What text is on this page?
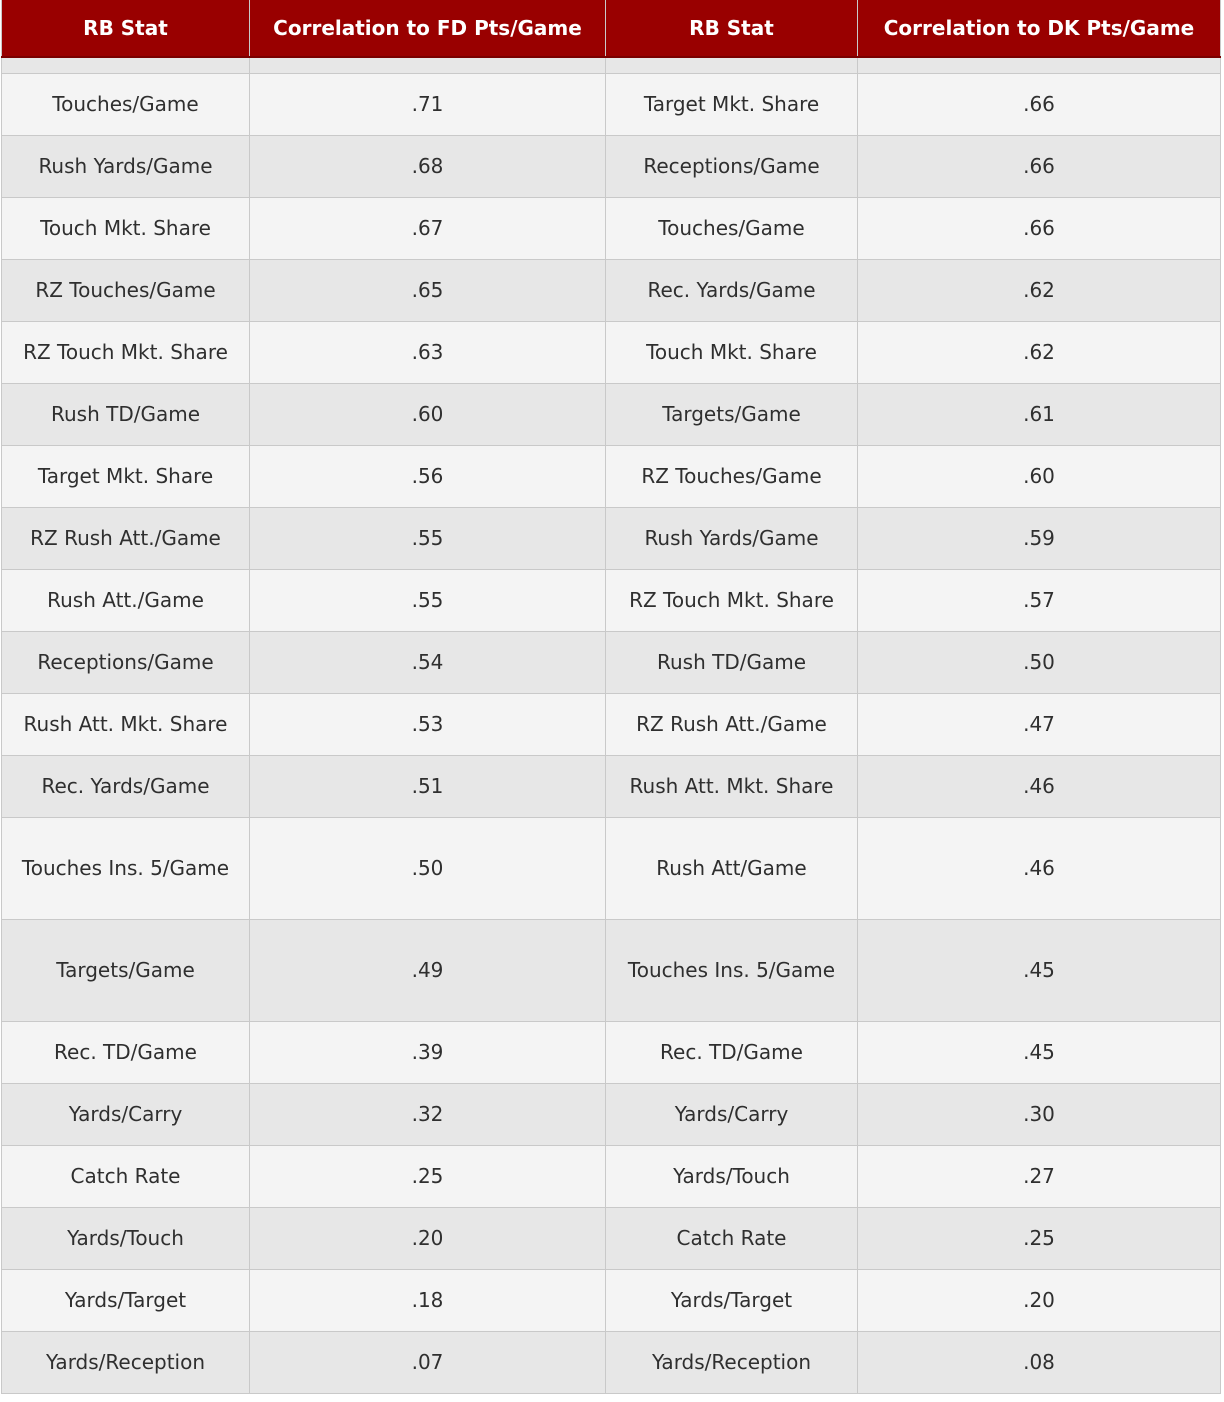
RB Stat	Correlation to FD Pts/Game	RB Stat	Correlation to DK Pts/Game

Touches/Game	.71	Target Mkt. Share	.66
Rush Yards/Game	.68	Receptions/Game	.66
Touch Mkt. Share	.67	Touches/Game	.66
RZ Touches/Game	.65	Rec. Yards/Game	.62
RZ Touch Mkt. Share	.63	Touch Mkt. Share	.62
Rush TD/Game	.60	Targets/Game	.61
Target Mkt. Share	.56	RZ Touches/Game	.60
RZ Rush Att./Game	.55	Rush Yards/Game	.59
Rush Att./Game	.55	RZ Touch Mkt. Share	.57
Receptions/Game	.54	Rush TD/Game	.50
Rush Att. Mkt. Share	.53	RZ Rush Att./Game	.47
Rec. Yards/Game	.51	Rush Att. Mkt. Share	.46
Touches Ins. 5/Game	.50	Rush Att/Game	.46
Targets/Game	.49	Touches Ins. 5/Game	.45
Rec. TD/Game	.39	Rec. TD/Game	.45
Yards/Carry	.32	Yards/Carry	.30
Catch Rate	.25	Yards/Touch	.27
Yards/Touch	.20	Catch Rate	.25
Yards/Target	.18	Yards/Target	.20
Yards/Reception	.07	Yards/Reception	.08
